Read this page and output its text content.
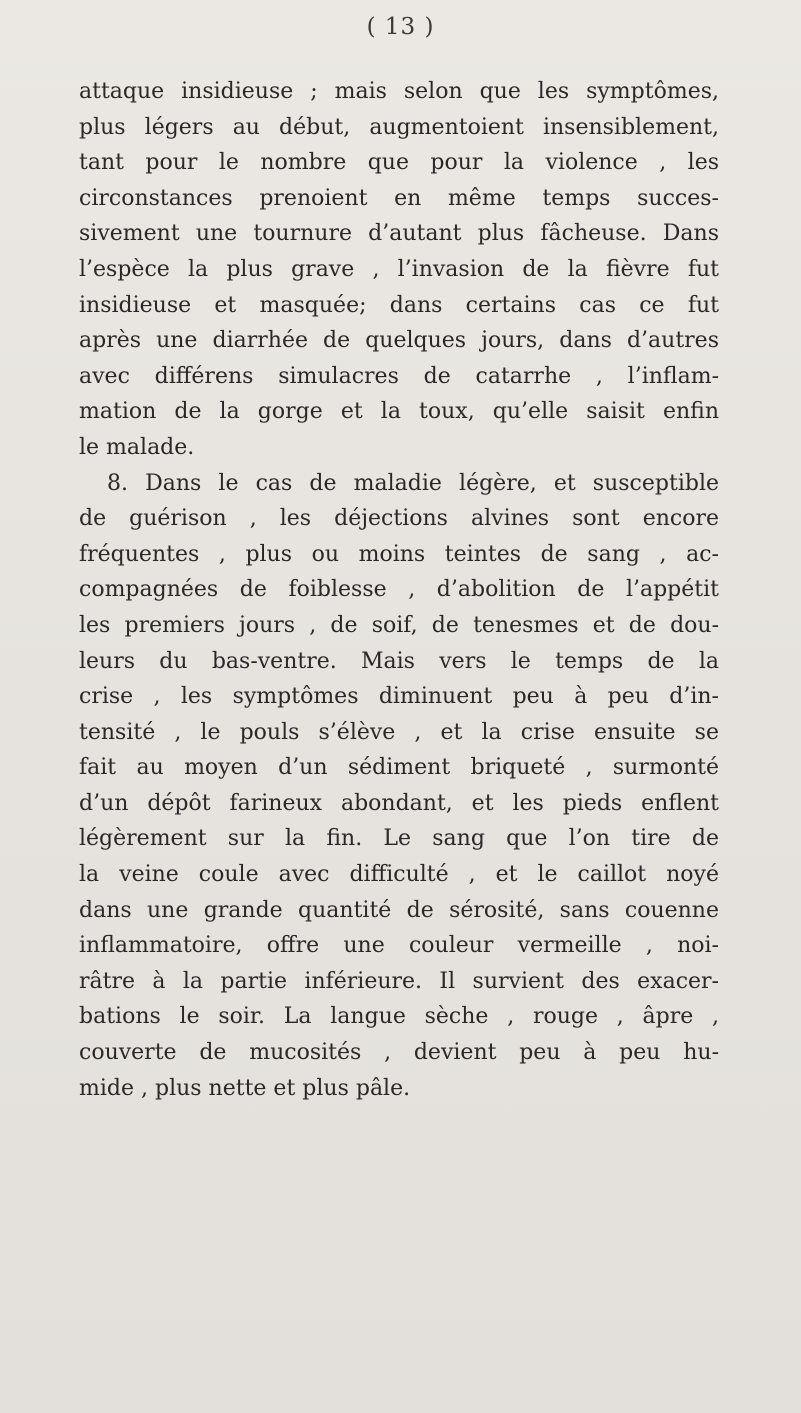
( 13 )
attaque insidieuse ; mais selon que les symptômes,
plus légers au début, augmentoient insensiblement,
tant pour le nombre que pour la violence , les
circonstances prenoient en même temps succes-
sivement une tournure d’autant plus fâcheuse. Dans
l’espèce la plus grave , l’invasion de la fièvre fut
insidieuse et masquée; dans certains cas ce fut
après une diarrhée de quelques jours, dans d’autres
avec différens simulacres de catarrhe , l’inflam-
mation de la gorge et la toux, qu’elle saisit enfin
le malade.
8. Dans le cas de maladie légère, et susceptible
de guérison , les déjections alvines sont encore
fréquentes , plus ou moins teintes de sang , ac-
compagnées de foiblesse , d’abolition de l’appétit
les premiers jours , de soif, de tenesmes et de dou-
leurs du bas-ventre. Mais vers le temps de la
crise , les symptômes diminuent peu à peu d’in-
tensité , le pouls s’élève , et la crise ensuite se
fait au moyen d’un sédiment briqueté , surmonté
d’un dépôt farineux abondant, et les pieds enflent
légèrement sur la fin. Le sang que l’on tire de
la veine coule avec difficulté , et le caillot noyé
dans une grande quantité de sérosité, sans couenne
inflammatoire, offre une couleur vermeille , noi-
râtre à la partie inférieure. Il survient des exacer-
bations le soir. La langue sèche , rouge , âpre ,
couverte de mucosités , devient peu à peu hu-
mide , plus nette et plus pâle.
